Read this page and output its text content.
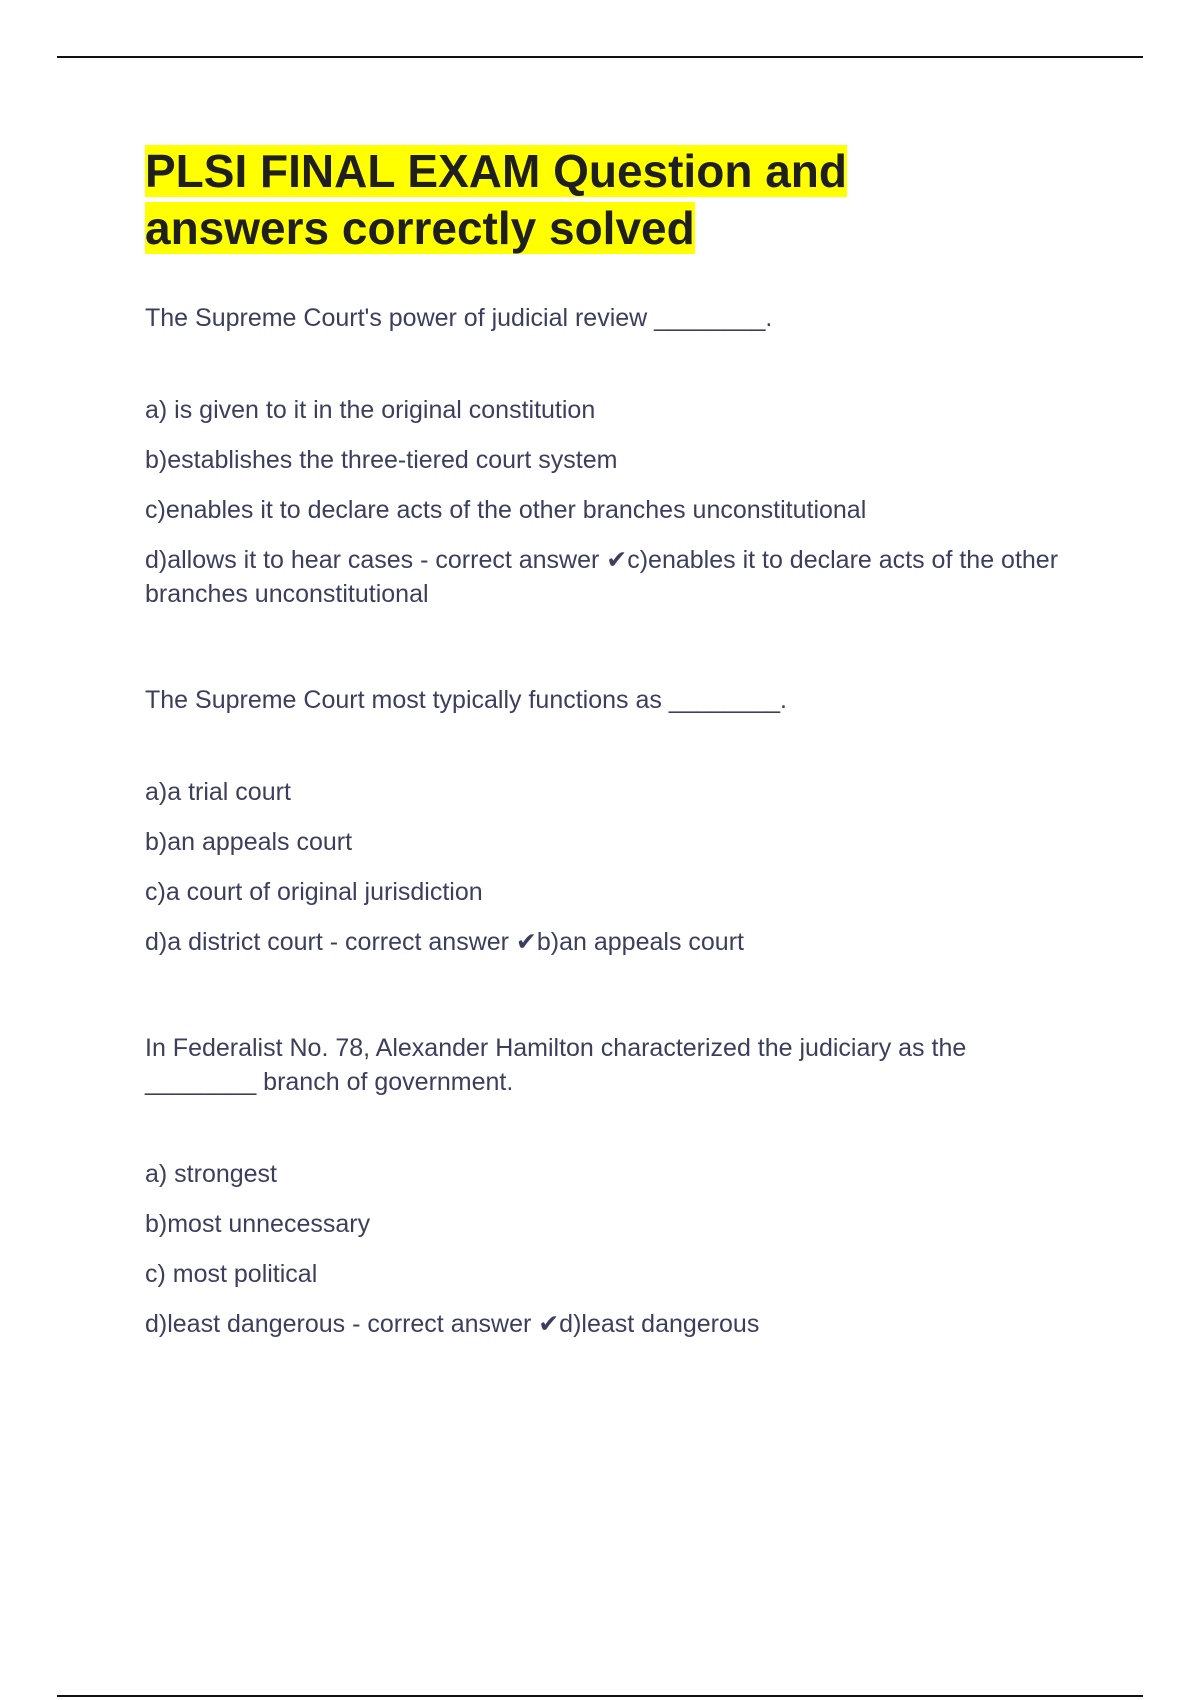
PLSI FINAL EXAM Question and answers correctly solved

The Supreme Court's power of judicial review ________.

a) is given to it in the original constitution

b)establishes the three-tiered court system

c)enables it to declare acts of the other branches unconstitutional

d)allows it to hear cases - correct answer ✔c)enables it to declare acts of the other branches unconstitutional

The Supreme Court most typically functions as ________.

a)a trial court

b)an appeals court

c)a court of original jurisdiction

d)a district court - correct answer ✔b)an appeals court

In Federalist No. 78, Alexander Hamilton characterized the judiciary as the ________ branch of government.

a) strongest

b)most unnecessary

c) most political

d)least dangerous - correct answer ✔d)least dangerous
